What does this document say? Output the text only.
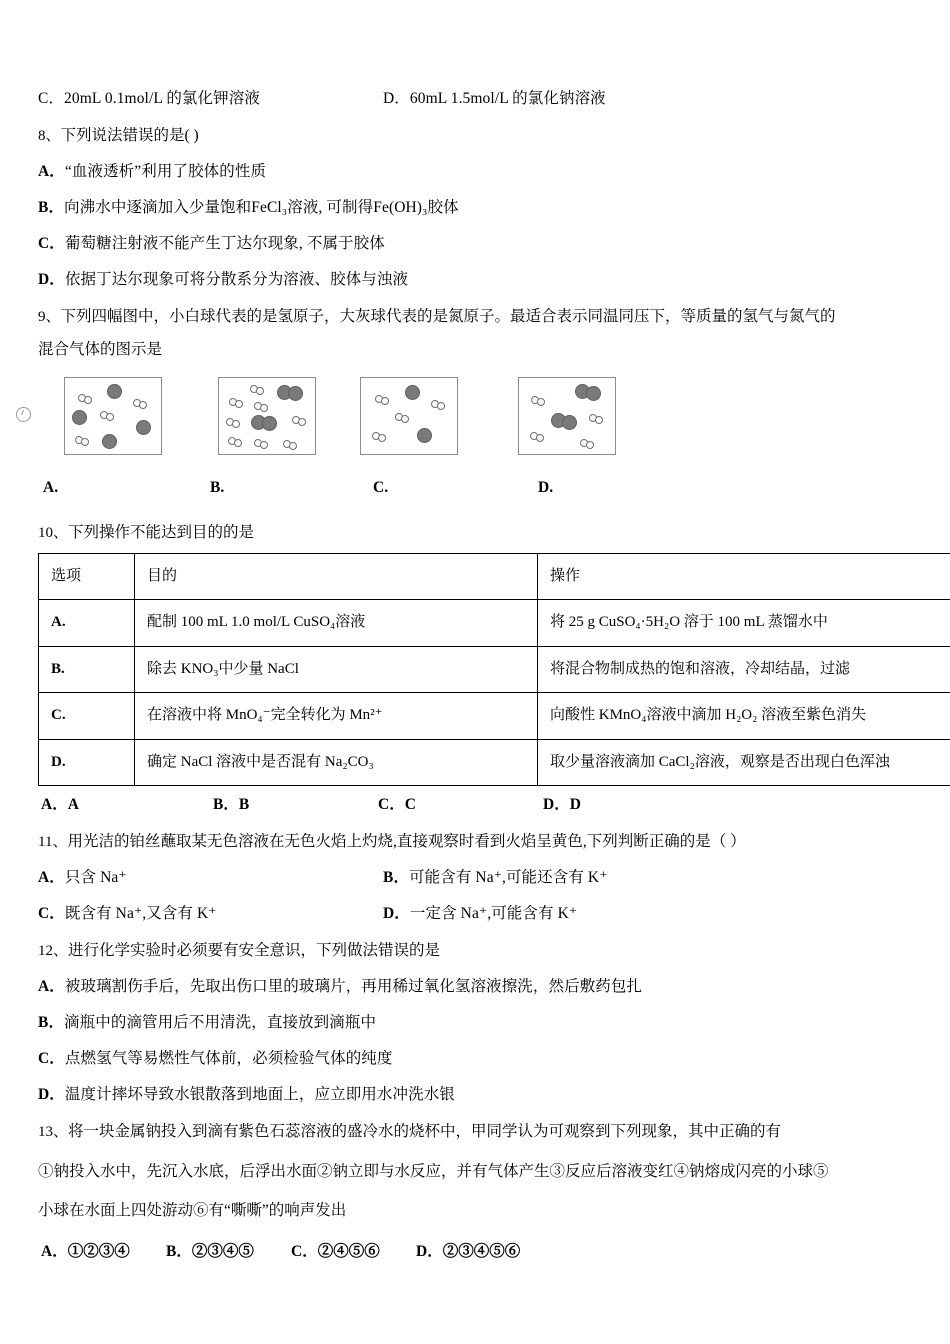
C．20mL 0.1mol/L 的氯化钾溶液	D．60mL 1.5mol/L 的氯化钠溶液
8、下列说法错误的是( )
A．“血液透析”利用了胶体的性质
B．向沸水中逐滴加入少量饱和FeCl₃溶液, 可制得Fe(OH)₃胶体
C．葡萄糖注射液不能产生丁达尔现象, 不属于胶体
D．依据丁达尔现象可将分散系分为溶液、胶体与浊液
9、下列四幅图中，小白球代表的是氢原子，大灰球代表的是氮原子。最适合表示同温同压下，等质量的氢气与氮气的
混合气体的图示是
A.	B.	C.	D.
10、下列操作不能达到目的的是
选项	目的	操作
A.	配制 100 mL 1.0 mol/L CuSO₄溶液	将 25 g CuSO₄·5H₂O 溶于 100 mL 蒸馏水中
B.	除去 KNO₃中少量 NaCl	将混合物制成热的饱和溶液，冷却结晶，过滤
C.	在溶液中将 MnO₄⁻完全转化为 Mn²⁺	向酸性 KMnO₄溶液中滴加 H₂O₂ 溶液至紫色消失
D.	确定 NaCl 溶液中是否混有 Na₂CO₃	取少量溶液滴加 CaCl₂溶液，观察是否出现白色浑浊
A．A	B．B	C．C	D．D
11、用光洁的铂丝蘸取某无色溶液在无色火焰上灼烧,直接观察时看到火焰呈黄色,下列判断正确的是（ ）
A．只含 Na⁺	B．可能含有 Na⁺,可能还含有 K⁺
C．既含有 Na⁺,又含有 K⁺	D．一定含 Na⁺,可能含有 K⁺
12、进行化学实验时必须要有安全意识，下列做法错误的是
A．被玻璃割伤手后，先取出伤口里的玻璃片，再用稀过氧化氢溶液擦洗，然后敷药包扎
B．滴瓶中的滴管用后不用清洗，直接放到滴瓶中
C．点燃氢气等易燃性气体前，必须检验气体的纯度
D．温度计摔坏导致水银散落到地面上，应立即用水冲洗水银
13、将一块金属钠投入到滴有紫色石蕊溶液的盛冷水的烧杯中，甲同学认为可观察到下列现象，其中正确的有
①钠投入水中，先沉入水底，后浮出水面②钠立即与水反应，并有气体产生③反应后溶液变红④钠熔成闪亮的小球⑤
小球在水面上四处游动⑥有“嘶嘶”的响声发出
A．①②③④ B．②③④⑤ C．②④⑤⑥ D．②③④⑤⑥
